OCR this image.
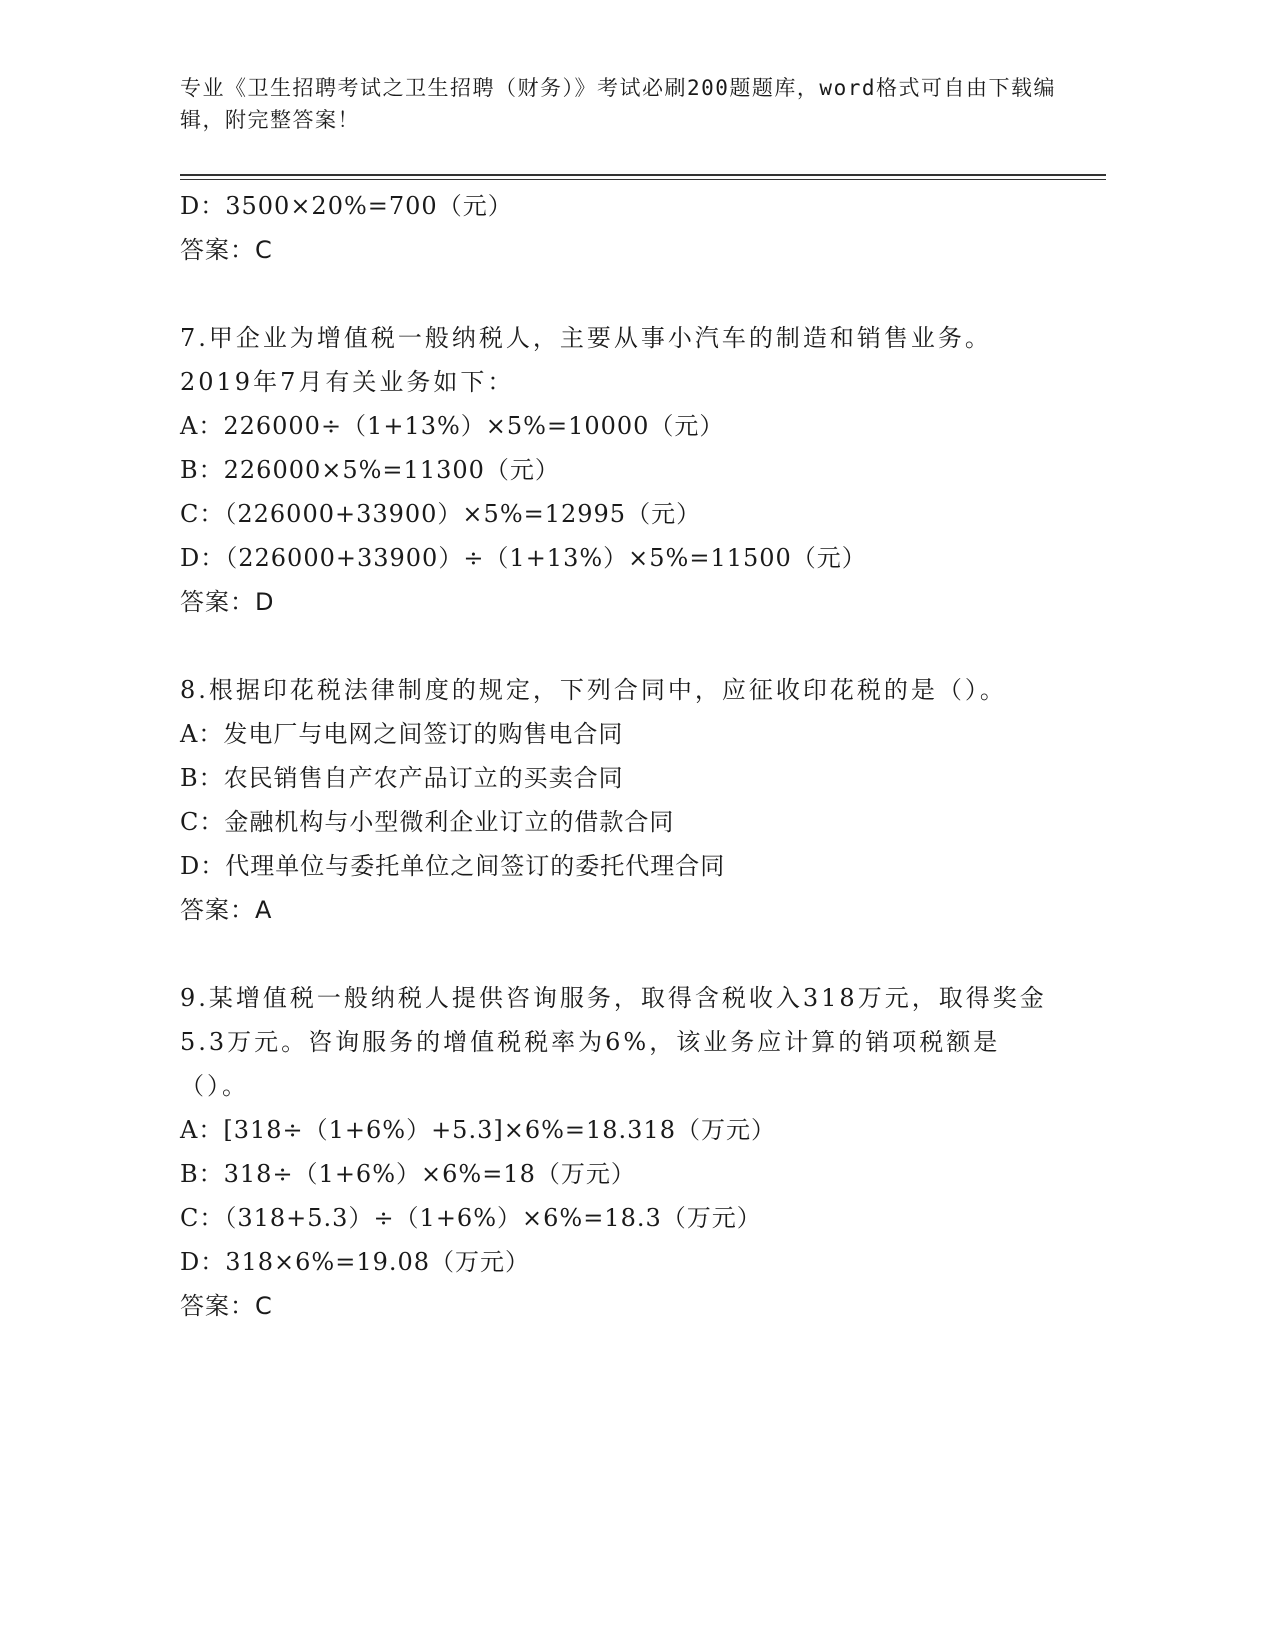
专业《卫生招聘考试之卫生招聘（财务）》考试必刷200题题库，word格式可自由下载编辑，附完整答案！
D：3500×20%=700（元）
答案：C
7.甲企业为增值税一般纳税人，主要从事小汽车的制造和销售业务。2019年7月有关业务如下：
A：226000÷（1+13%）×5%=10000（元）
B：226000×5%=11300（元）
C：（226000+33900）×5%=12995（元）
D：（226000+33900）÷（1+13%）×5%=11500（元）
答案：D
8.根据印花税法律制度的规定，下列合同中，应征收印花税的是（）。
A：发电厂与电网之间签订的购售电合同
B：农民销售自产农产品订立的买卖合同
C：金融机构与小型微利企业订立的借款合同
D：代理单位与委托单位之间签订的委托代理合同
答案：A
9.某增值税一般纳税人提供咨询服务，取得含税收入318万元，取得奖金5.3万元。咨询服务的增值税税率为6%，该业务应计算的销项税额是（）。
A：[318÷（1+6%）+5.3]×6%=18.318（万元）
B：318÷（1+6%）×6%=18（万元）
C：（318+5.3）÷（1+6%）×6%=18.3（万元）
D：318×6%=19.08（万元）
答案：C
